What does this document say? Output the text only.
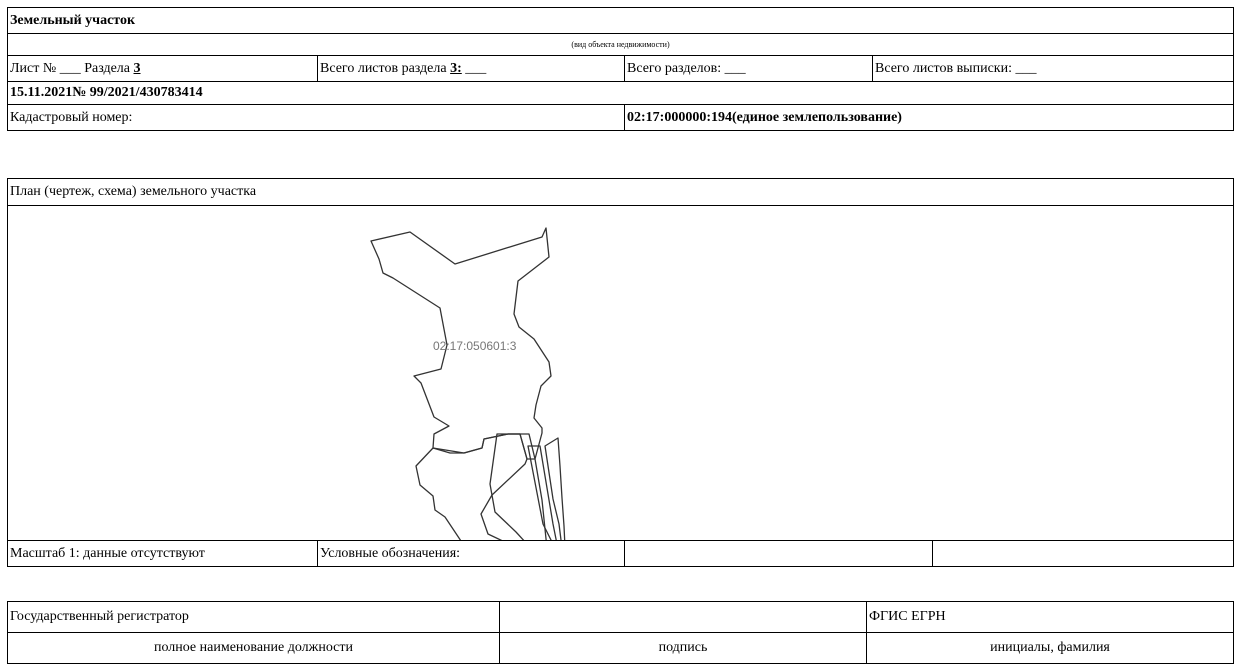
Земельный участок			
(вид объекта недвижимости)			
Лист № ___ Раздела 3	Всего листов раздела 3: ___	Всего разделов: ___	Всего листов выписки: ___
15.11.2021№ 99/2021/430783414			
Кадастровый номер:		02:17:000000:194(единое землепользование)	
План (чертеж, схема) земельного участка

02:17:050601:3

Масштаб 1: данные отсутствуют	Условные обозначения:		
Государственный регистратор		ФГИС ЕГРН
полное наименование должности	подпись	инициалы, фамилия
